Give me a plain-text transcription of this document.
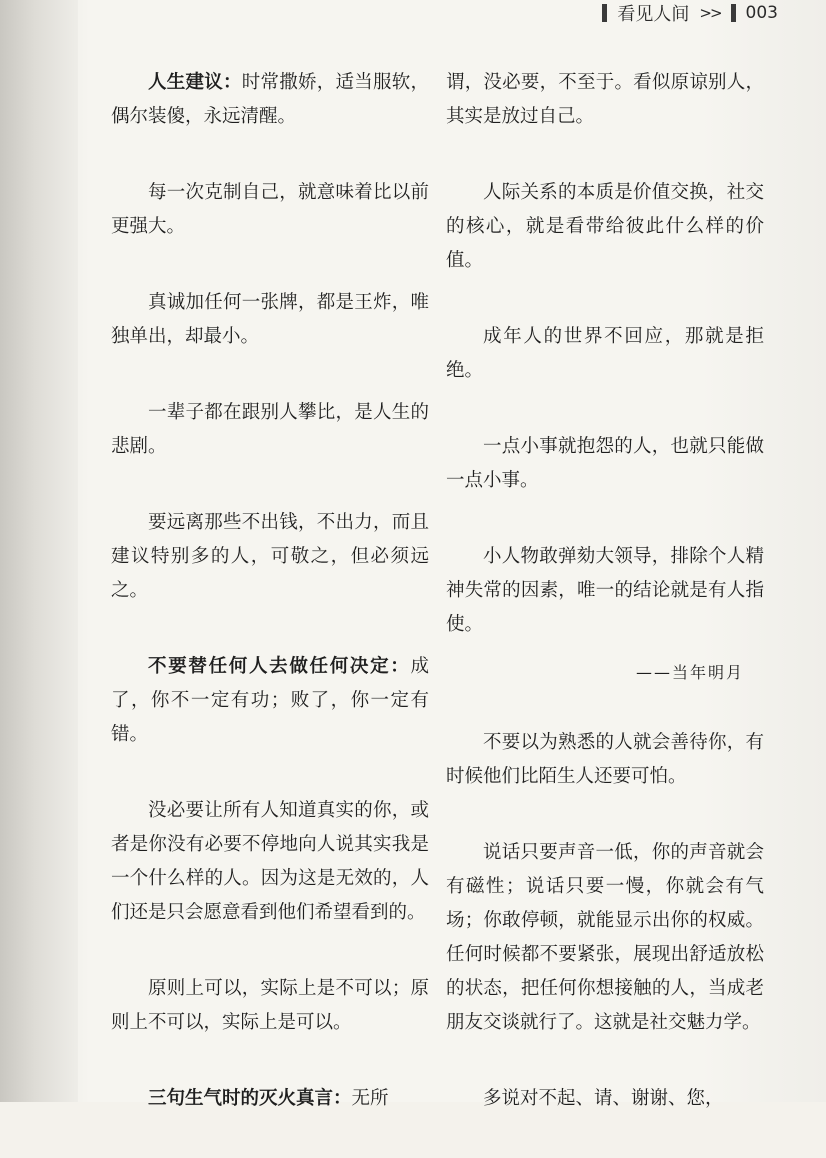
看见人间 >> 003

人生建议：时常撒娇，适当服软，偶尔装傻，永远清醒。

每一次克制自己，就意味着比以前更强大。

真诚加任何一张牌，都是王炸，唯独单出，却最小。

一辈子都在跟别人攀比，是人生的悲剧。

要远离那些不出钱，不出力，而且建议特别多的人，可敬之，但必须远之。

不要替任何人去做任何决定：成了，你不一定有功；败了，你一定有错。

没必要让所有人知道真实的你，或者是你没有必要不停地向人说其实我是一个什么样的人。因为这是无效的，人们还是只会愿意看到他们希望看到的。

原则上可以，实际上是不可以；原则上不可以，实际上是可以。

三句生气时的灭火真言：无所

谓，没必要，不至于。看似原谅别人，其实是放过自己。

人际关系的本质是价值交换，社交的核心，就是看带给彼此什么样的价值。

成年人的世界不回应，那就是拒绝。

一点小事就抱怨的人，也就只能做一点小事。

小人物敢弹劾大领导，排除个人精神失常的因素，唯一的结论就是有人指使。

——当年明月

不要以为熟悉的人就会善待你，有时候他们比陌生人还要可怕。

说话只要声音一低，你的声音就会有磁性；说话只要一慢，你就会有气场；你敢停顿，就能显示出你的权威。任何时候都不要紧张，展现出舒适放松的状态，把任何你想接触的人，当成老朋友交谈就行了。这就是社交魅力学。

多说对不起、请、谢谢、您，
